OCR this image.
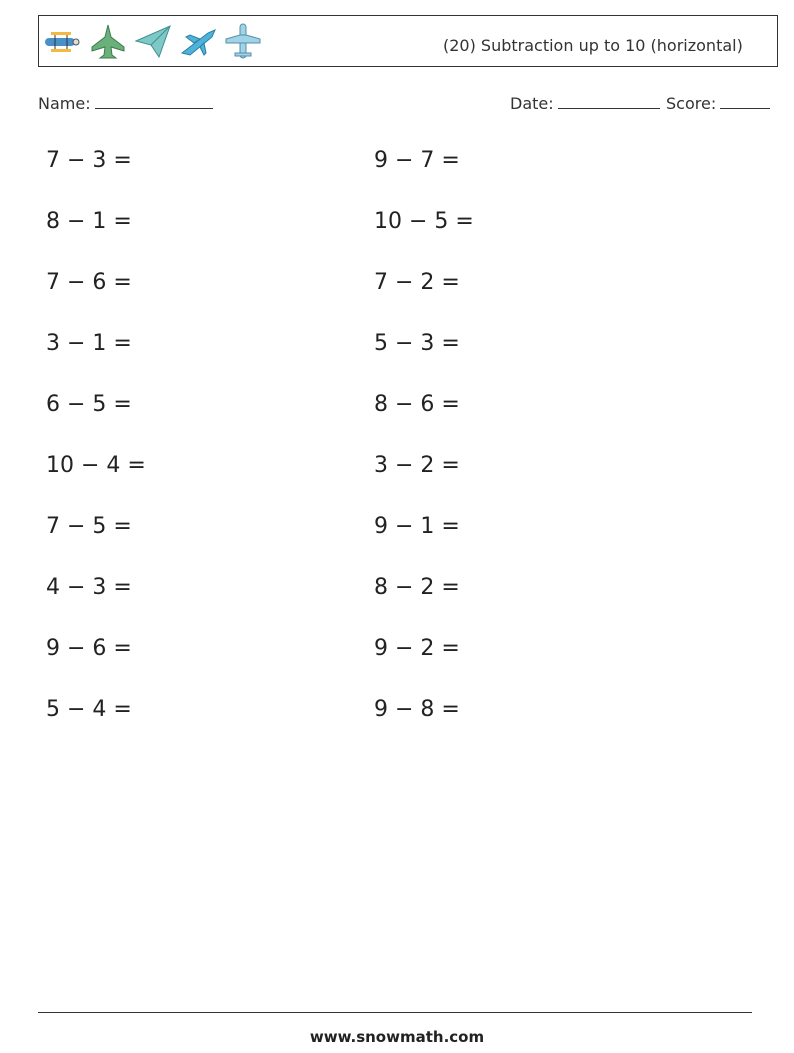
(20) Subtraction up to 10 (horizontal)
Name:	Date:	Score:
7 − 3 =
8 − 1 =
7 − 6 =
3 − 1 =
6 − 5 =
10 − 4 =
7 − 5 =
4 − 3 =
9 − 6 =
5 − 4 =
9 − 7 =
10 − 5 =
7 − 2 =
5 − 3 =
8 − 6 =
3 − 2 =
9 − 1 =
8 − 2 =
9 − 2 =
9 − 8 =
www.snowmath.com
